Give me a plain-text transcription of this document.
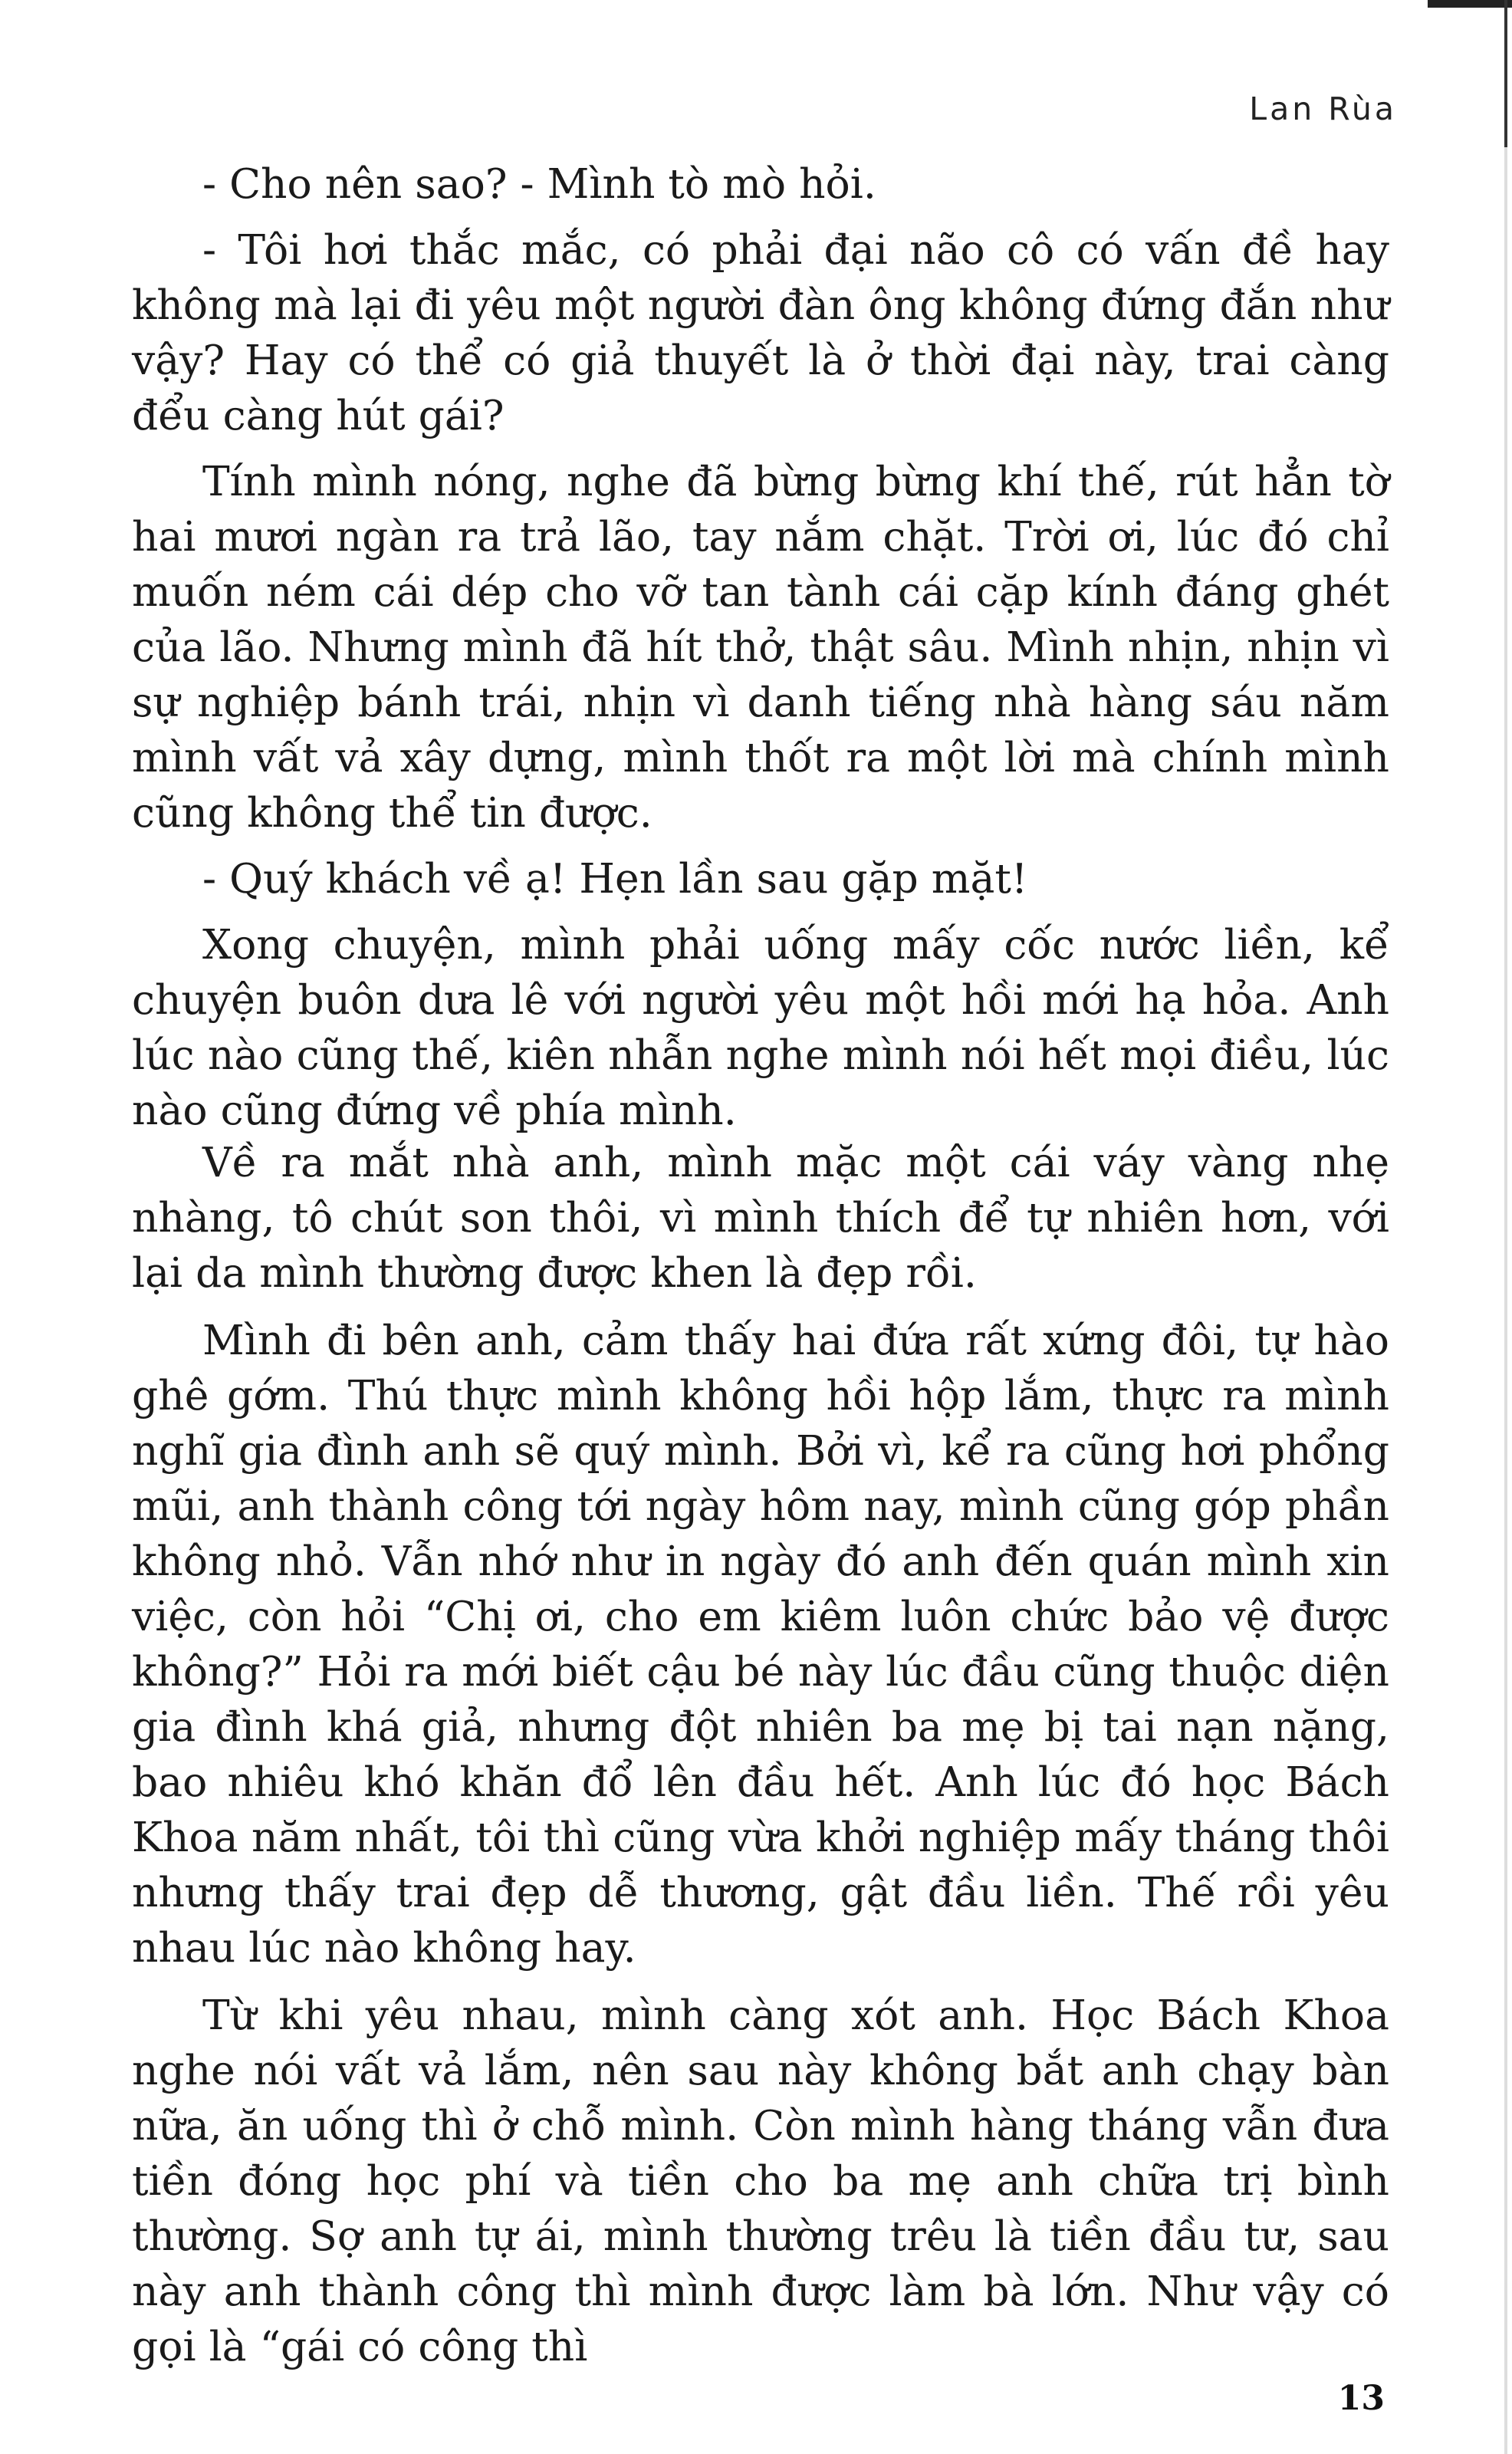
Lan Rùa

- Cho nên sao? - Mình tò mò hỏi.

- Tôi hơi thắc mắc, có phải đại não cô có vấn đề hay không mà lại đi yêu một người đàn ông không đứng đắn như vậy? Hay có thể có giả thuyết là ở thời đại này, trai càng đểu càng hút gái?

Tính mình nóng, nghe đã bừng bừng khí thế, rút hẳn tờ hai mươi ngàn ra trả lão, tay nắm chặt. Trời ơi, lúc đó chỉ muốn ném cái dép cho vỡ tan tành cái cặp kính đáng ghét của lão. Nhưng mình đã hít thở, thật sâu. Mình nhịn, nhịn vì sự nghiệp bánh trái, nhịn vì danh tiếng nhà hàng sáu năm mình vất vả xây dựng, mình thốt ra một lời mà chính mình cũng không thể tin được.

- Quý khách về ạ! Hẹn lần sau gặp mặt!

Xong chuyện, mình phải uống mấy cốc nước liền, kể chuyện buôn dưa lê với người yêu một hồi mới hạ hỏa. Anh lúc nào cũng thế, kiên nhẫn nghe mình nói hết mọi điều, lúc nào cũng đứng về phía mình.

Về ra mắt nhà anh, mình mặc một cái váy vàng nhẹ nhàng, tô chút son thôi, vì mình thích để tự nhiên hơn, với lại da mình thường được khen là đẹp rồi.

Mình đi bên anh, cảm thấy hai đứa rất xứng đôi, tự hào ghê gớm. Thú thực mình không hồi hộp lắm, thực ra mình nghĩ gia đình anh sẽ quý mình. Bởi vì, kể ra cũng hơi phổng mũi, anh thành công tới ngày hôm nay, mình cũng góp phần không nhỏ. Vẫn nhớ như in ngày đó anh đến quán mình xin việc, còn hỏi “Chị ơi, cho em kiêm luôn chức bảo vệ được không?” Hỏi ra mới biết cậu bé này lúc đầu cũng thuộc diện gia đình khá giả, nhưng đột nhiên ba mẹ bị tai nạn nặng, bao nhiêu khó khăn đổ lên đầu hết. Anh lúc đó học Bách Khoa năm nhất, tôi thì cũng vừa khởi nghiệp mấy tháng thôi nhưng thấy trai đẹp dễ thương, gật đầu liền. Thế rồi yêu nhau lúc nào không hay.

Từ khi yêu nhau, mình càng xót anh. Học Bách Khoa nghe nói vất vả lắm, nên sau này không bắt anh chạy bàn nữa, ăn uống thì ở chỗ mình. Còn mình hàng tháng vẫn đưa tiền đóng học phí và tiền cho ba mẹ anh chữa trị bình thường. Sợ anh tự ái, mình thường trêu là tiền đầu tư, sau này anh thành công thì mình được làm bà lớn. Như vậy có gọi là “gái có công thì

13
